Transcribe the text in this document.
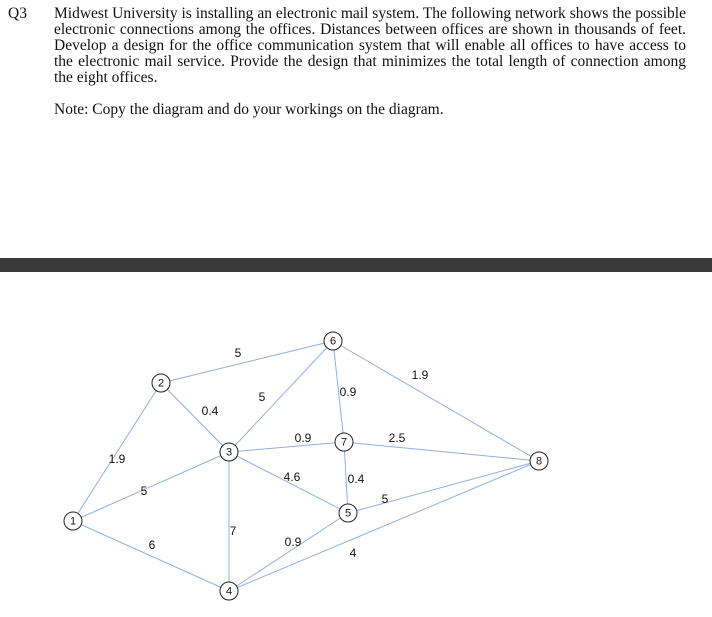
Q3 Midwest University is installing an electronic mail system. The following network shows the possible electronic connections among the offices. Distances between offices are shown in thousands of feet. Develop a design for the office communication system that will enable all offices to have access to the electronic mail service. Provide the design that minimizes the total length of connection among the eight offices.
Note: Copy the diagram and do your workings on the diagram.
1.9
5
6
0.4
5
5
0.9
4.6
7
0.9
1.9
2.5
0.4
5
0.9
4
1
2
3
4
5
6
7
8
